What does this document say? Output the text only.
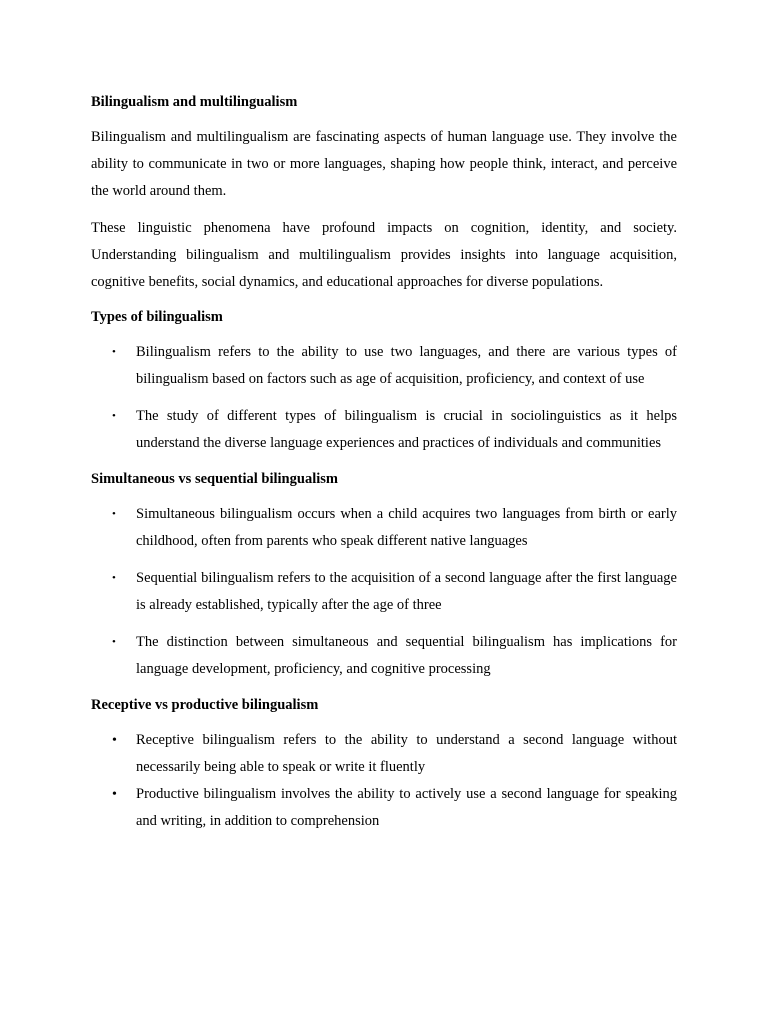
Bilingualism and multilingualism

Bilingualism and multilingualism are fascinating aspects of human language use. They involve the ability to communicate in two or more languages, shaping how people think, interact, and perceive the world around them.

These linguistic phenomena have profound impacts on cognition, identity, and society. Understanding bilingualism and multilingualism provides insights into language acquisition, cognitive benefits, social dynamics, and educational approaches for diverse populations.

Types of bilingualism
• Bilingualism refers to the ability to use two languages, and there are various types of bilingualism based on factors such as age of acquisition, proficiency, and context of use
• The study of different types of bilingualism is crucial in sociolinguistics as it helps understand the diverse language experiences and practices of individuals and communities
Simultaneous vs sequential bilingualism
• Simultaneous bilingualism occurs when a child acquires two languages from birth or early childhood, often from parents who speak different native languages
• Sequential bilingualism refers to the acquisition of a second language after the first language is already established, typically after the age of three
• The distinction between simultaneous and sequential bilingualism has implications for language development, proficiency, and cognitive processing
Receptive vs productive bilingualism
• Receptive bilingualism refers to the ability to understand a second language without necessarily being able to speak or write it fluently
• Productive bilingualism involves the ability to actively use a second language for speaking and writing, in addition to comprehension
